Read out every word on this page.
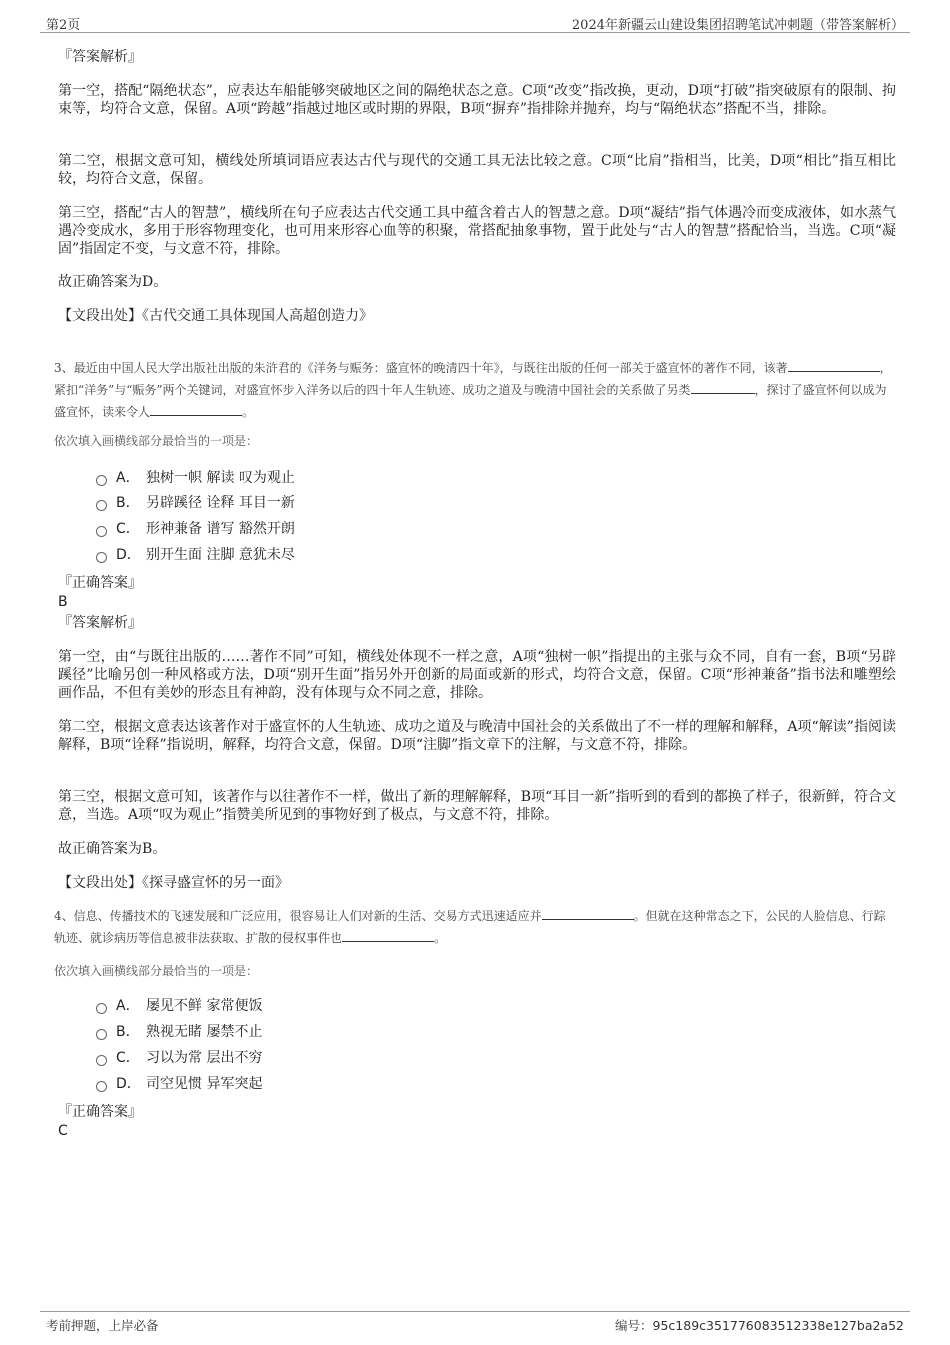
第2页	2024年新疆云山建设集团招聘笔试冲刺题（带答案解析）
『答案解析』
第一空，搭配“隔绝状态”，应表达车船能够突破地区之间的隔绝状态之意。C项“改变”指改换，更动，D项“打破”指突破原有的限制、拘束等，均符合文意，保留。A项“跨越”指越过地区或时期的界限，B项“摒弃”指排除并抛弃，均与“隔绝状态”搭配不当，排除。
第二空，根据文意可知，横线处所填词语应表达古代与现代的交通工具无法比较之意。C项“比肩”指相当，比美，D项“相比”指互相比较，均符合文意，保留。
第三空，搭配“古人的智慧”，横线所在句子应表达古代交通工具中蕴含着古人的智慧之意。D项“凝结”指气体遇冷而变成液体，如水蒸气遇冷变成水，多用于形容物理变化，也可用来形容心血等的积聚，常搭配抽象事物，置于此处与“古人的智慧”搭配恰当，当选。C项“凝固”指固定不变，与文意不符，排除。
故正确答案为D。
【文段出处】《古代交通工具体现国人高超创造力》
3、最近由中国人民大学出版社出版的朱浒君的《洋务与赈务：盛宣怀的晚清四十年》，与既往出版的任何一部关于盛宣怀的著作不同，该著	，紧扣“洋务”与“赈务”两个关键词，对盛宣怀步入洋务以后的四十年人生轨迹、成功之道及与晚清中国社会的关系做了另类	，探讨了盛宣怀何以成为盛宣怀，读来令人	。
依次填入画横线部分最恰当的一项是：
A． 独树一帜 解读 叹为观止
B． 另辟蹊径 诠释 耳目一新
C． 形神兼备 谱写 豁然开朗
D． 别开生面 注脚 意犹未尽
『正确答案』
B
『答案解析』
第一空，由“与既往出版的……著作不同”可知，横线处体现不一样之意，A项“独树一帜”指提出的主张与众不同，自有一套，B项“另辟蹊径”比喻另创一种风格或方法，D项“别开生面”指另外开创新的局面或新的形式，均符合文意，保留。C项“形神兼备”指书法和雕塑绘画作品，不但有美妙的形态且有神韵，没有体现与众不同之意，排除。
第二空，根据文意表达该著作对于盛宣怀的人生轨迹、成功之道及与晚清中国社会的关系做出了不一样的理解和解释，A项“解读”指阅读解释，B项“诠释”指说明，解释，均符合文意，保留。D项“注脚”指文章下的注解，与文意不符，排除。
第三空，根据文意可知，该著作与以往著作不一样，做出了新的理解解释，B项“耳目一新”指听到的看到的都换了样子，很新鲜，符合文意，当选。A项“叹为观止”指赞美所见到的事物好到了极点，与文意不符，排除。
故正确答案为B。
【文段出处】《探寻盛宣怀的另一面》
4、信息、传播技术的飞速发展和广泛应用，很容易让人们对新的生活、交易方式迅速适应并	。但就在这种常态之下，公民的人脸信息、行踪轨迹、就诊病历等信息被非法获取、扩散的侵权事件也	。
依次填入画横线部分最恰当的一项是：
A． 屡见不鲜 家常便饭
B． 熟视无睹 屡禁不止
C． 习以为常 层出不穷
D． 司空见惯 异军突起
『正确答案』
C
考前押题，上岸必备	编号：95c189c351776083512338e127ba2a52
